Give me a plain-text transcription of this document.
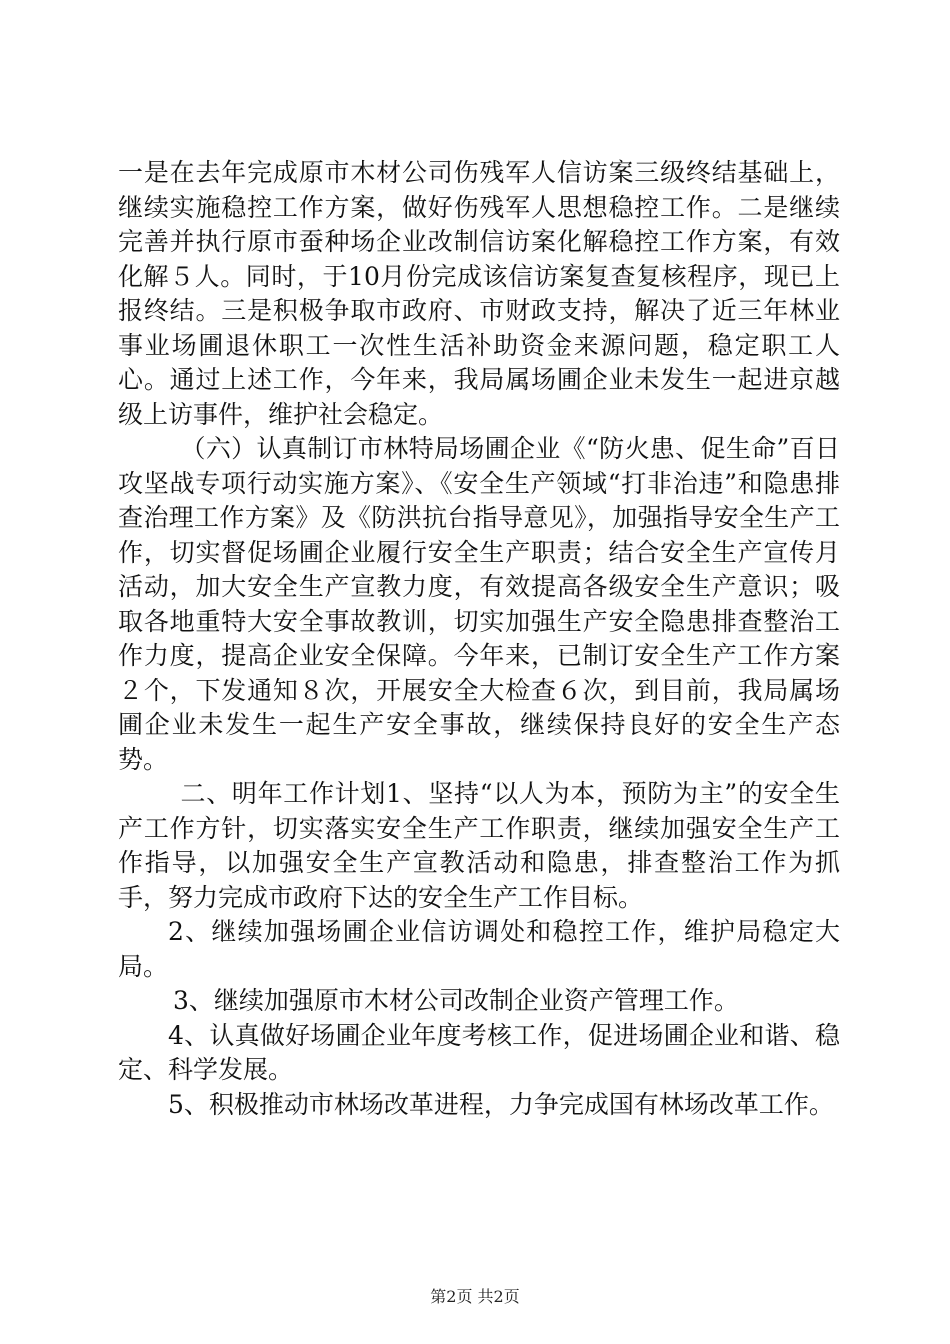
一是在去年完成原市木材公司伤残军人信访案三级终结基础上，继续实施稳控工作方案，做好伤残军人思想稳控工作。二是继续完善并执行原市蚕种场企业改制信访案化解稳控工作方案，有效化解５人。同时，于10月份完成该信访案复查复核程序，现已上报终结。三是积极争取市政府、市财政支持，解决了近三年林业事业场圃退休职工一次性生活补助资金来源问题，稳定职工人心。通过上述工作，今年来，我局属场圃企业未发生一起进京越级上访事件，维护社会稳定。

（六）认真制订市林特局场圃企业《“防火患、促生命”百日攻坚战专项行动实施方案》、《安全生产领域“打非治违”和隐患排查治理工作方案》及《防洪抗台指导意见》，加强指导安全生产工作，切实督促场圃企业履行安全生产职责；结合安全生产宣传月活动，加大安全生产宣教力度，有效提高各级安全生产意识；吸取各地重特大安全事故教训，切实加强生产安全隐患排查整治工作力度，提高企业安全保障。今年来，已制订安全生产工作方案２个，下发通知８次，开展安全大检查６次，到目前，我局属场圃企业未发生一起生产安全事故，继续保持良好的安全生产态势。

二、明年工作计划1、坚持“以人为本，预防为主”的安全生产工作方针，切实落实安全生产工作职责，继续加强安全生产工作指导，以加强安全生产宣教活动和隐患，排查整治工作为抓手，努力完成市政府下达的安全生产工作目标。

2、继续加强场圃企业信访调处和稳控工作，维护局稳定大局。

3、继续加强原市木材公司改制企业资产管理工作。

4、认真做好场圃企业年度考核工作，促进场圃企业和谐、稳定、科学发展。

5、积极推动市林场改革进程，力争完成国有林场改革工作。

第2页 共2页
